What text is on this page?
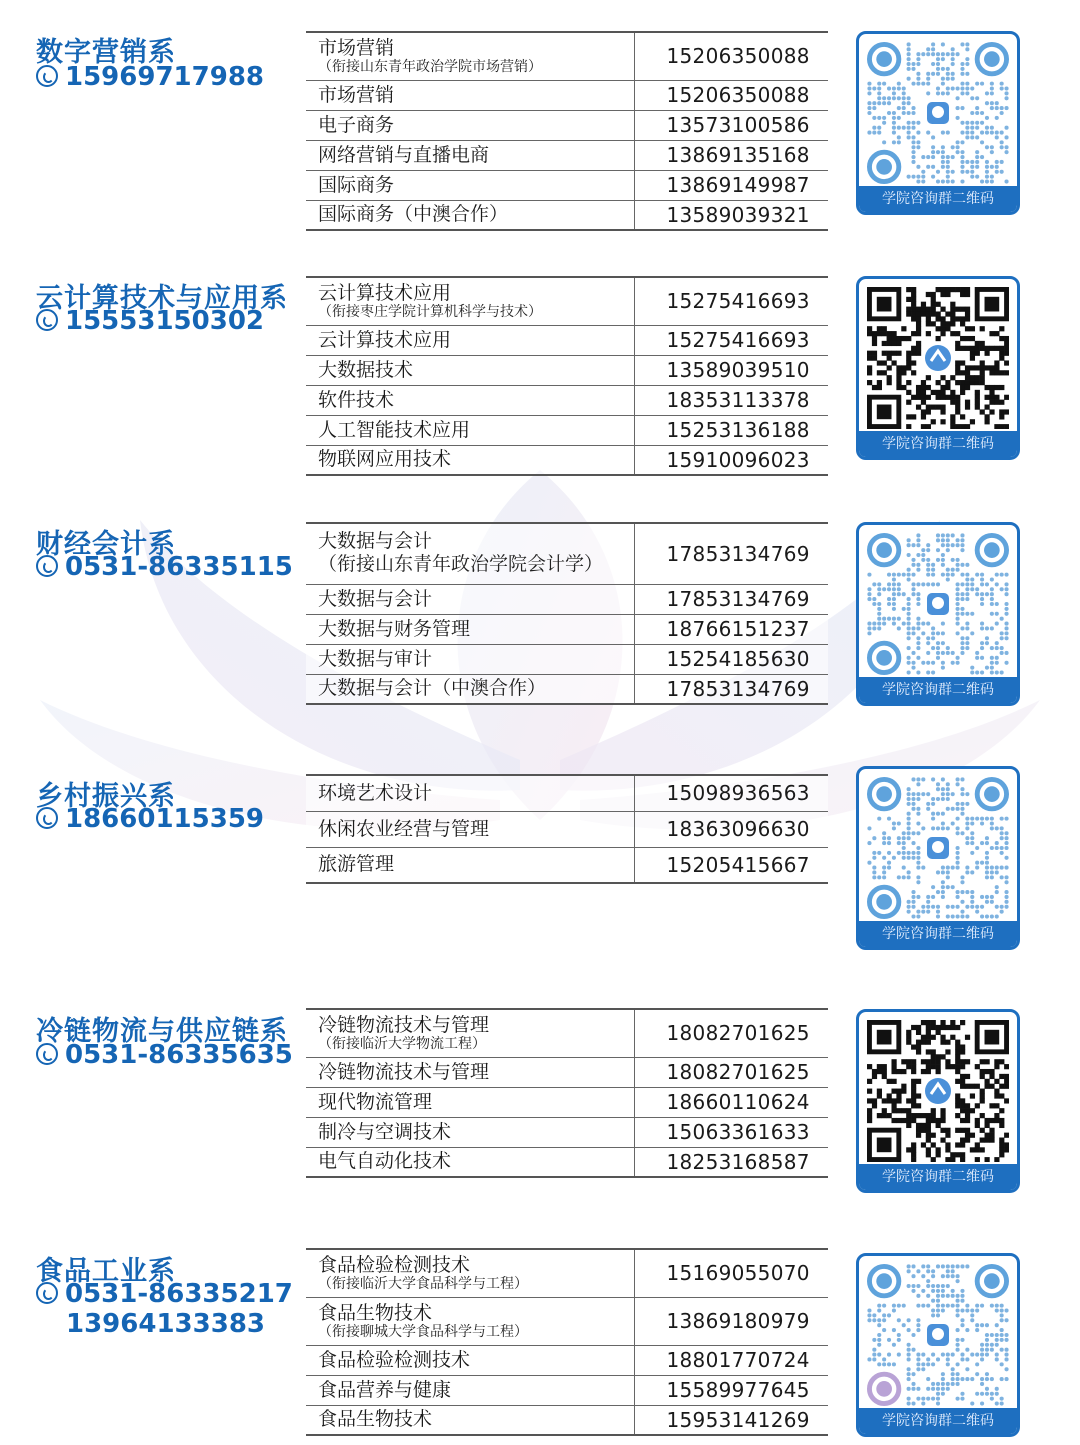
数字营销系
15969717988
市场营销
（衔接山东青年政治学院市场营销）	15206350088
市场营销	15206350088
电子商务	13573100586
网络营销与直播电商	13869135168
国际商务	13869149987
国际商务（中澳合作）	13589039321
学院咨询群二维码
云计算技术与应用系
15553150302
云计算技术应用
（衔接枣庄学院计算机科学与技术）	15275416693
云计算技术应用	15275416693
大数据技术	13589039510
软件技术	18353113378
人工智能技术应用	15253136188
物联网应用技术	15910096023
学院咨询群二维码
财经会计系
0531-86335115
大数据与会计
（衔接山东青年政治学院会计学）	17853134769
大数据与会计	17853134769
大数据与财务管理	18766151237
大数据与审计	15254185630
大数据与会计（中澳合作）	17853134769	学院咨询群二维码
乡村振兴系
18660115359
环境艺术设计	15098936563
休闲农业经营与管理	18363096630
旅游管理	15205415667
学院咨询群二维码
冷链物流与供应链系
0531-86335635
冷链物流技术与管理
（衔接临沂大学物流工程）	18082701625
冷链物流技术与管理	18082701625
现代物流管理	18660110624
制冷与空调技术	15063361633
电气自动化技术	18253168587
学院咨询群二维码
食品工业系
0531-86335217
13964133383
食品检验检测技术
（衔接临沂大学食品科学与工程）	15169055070
食品生物技术
（衔接聊城大学食品科学与工程）	13869180979
食品检验检测技术	18801770724
食品营养与健康	15589977645
食品生物技术	15953141269	学院咨询群二维码
